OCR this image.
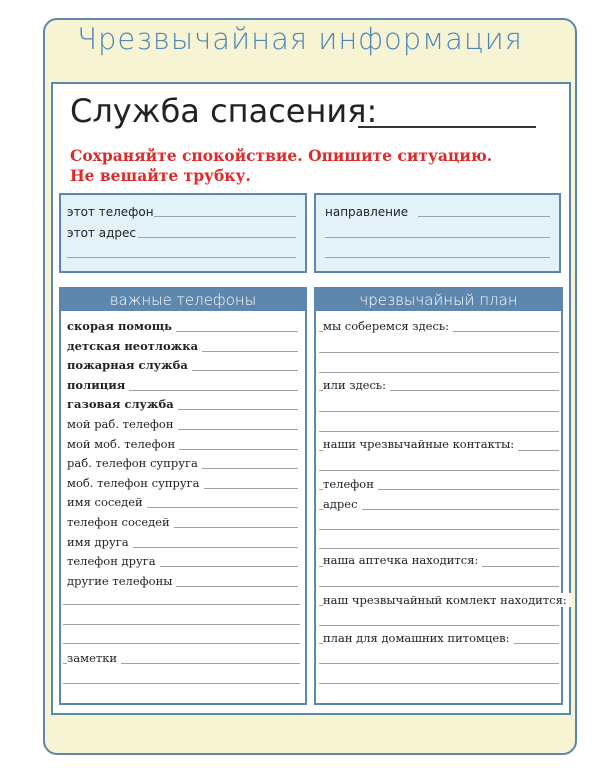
Чрезвычайная информация
Служба спасения:
Сохраняйте спокойствие. Опишите ситуацию.
Не вешайте трубку.
этот телефон
этот адрес
направление
важные телефоны	чрезвычайный план
скорая помощь
детская неотложка
пожарная служба
полиция
газовая служба
мой раб. телефон
мой моб. телефон
раб. телефон супруга
моб. телефон супруга
имя соседей
телефон соседей
имя друга
телефон друга
другие телефоны
заметки
мы соберемся здесь:
или здесь:
наши чрезвычайные контакты:
телефон
адрес
наша аптечка находится:
наш чрезвычайный комлект находится:
план для домашних питомцев:
